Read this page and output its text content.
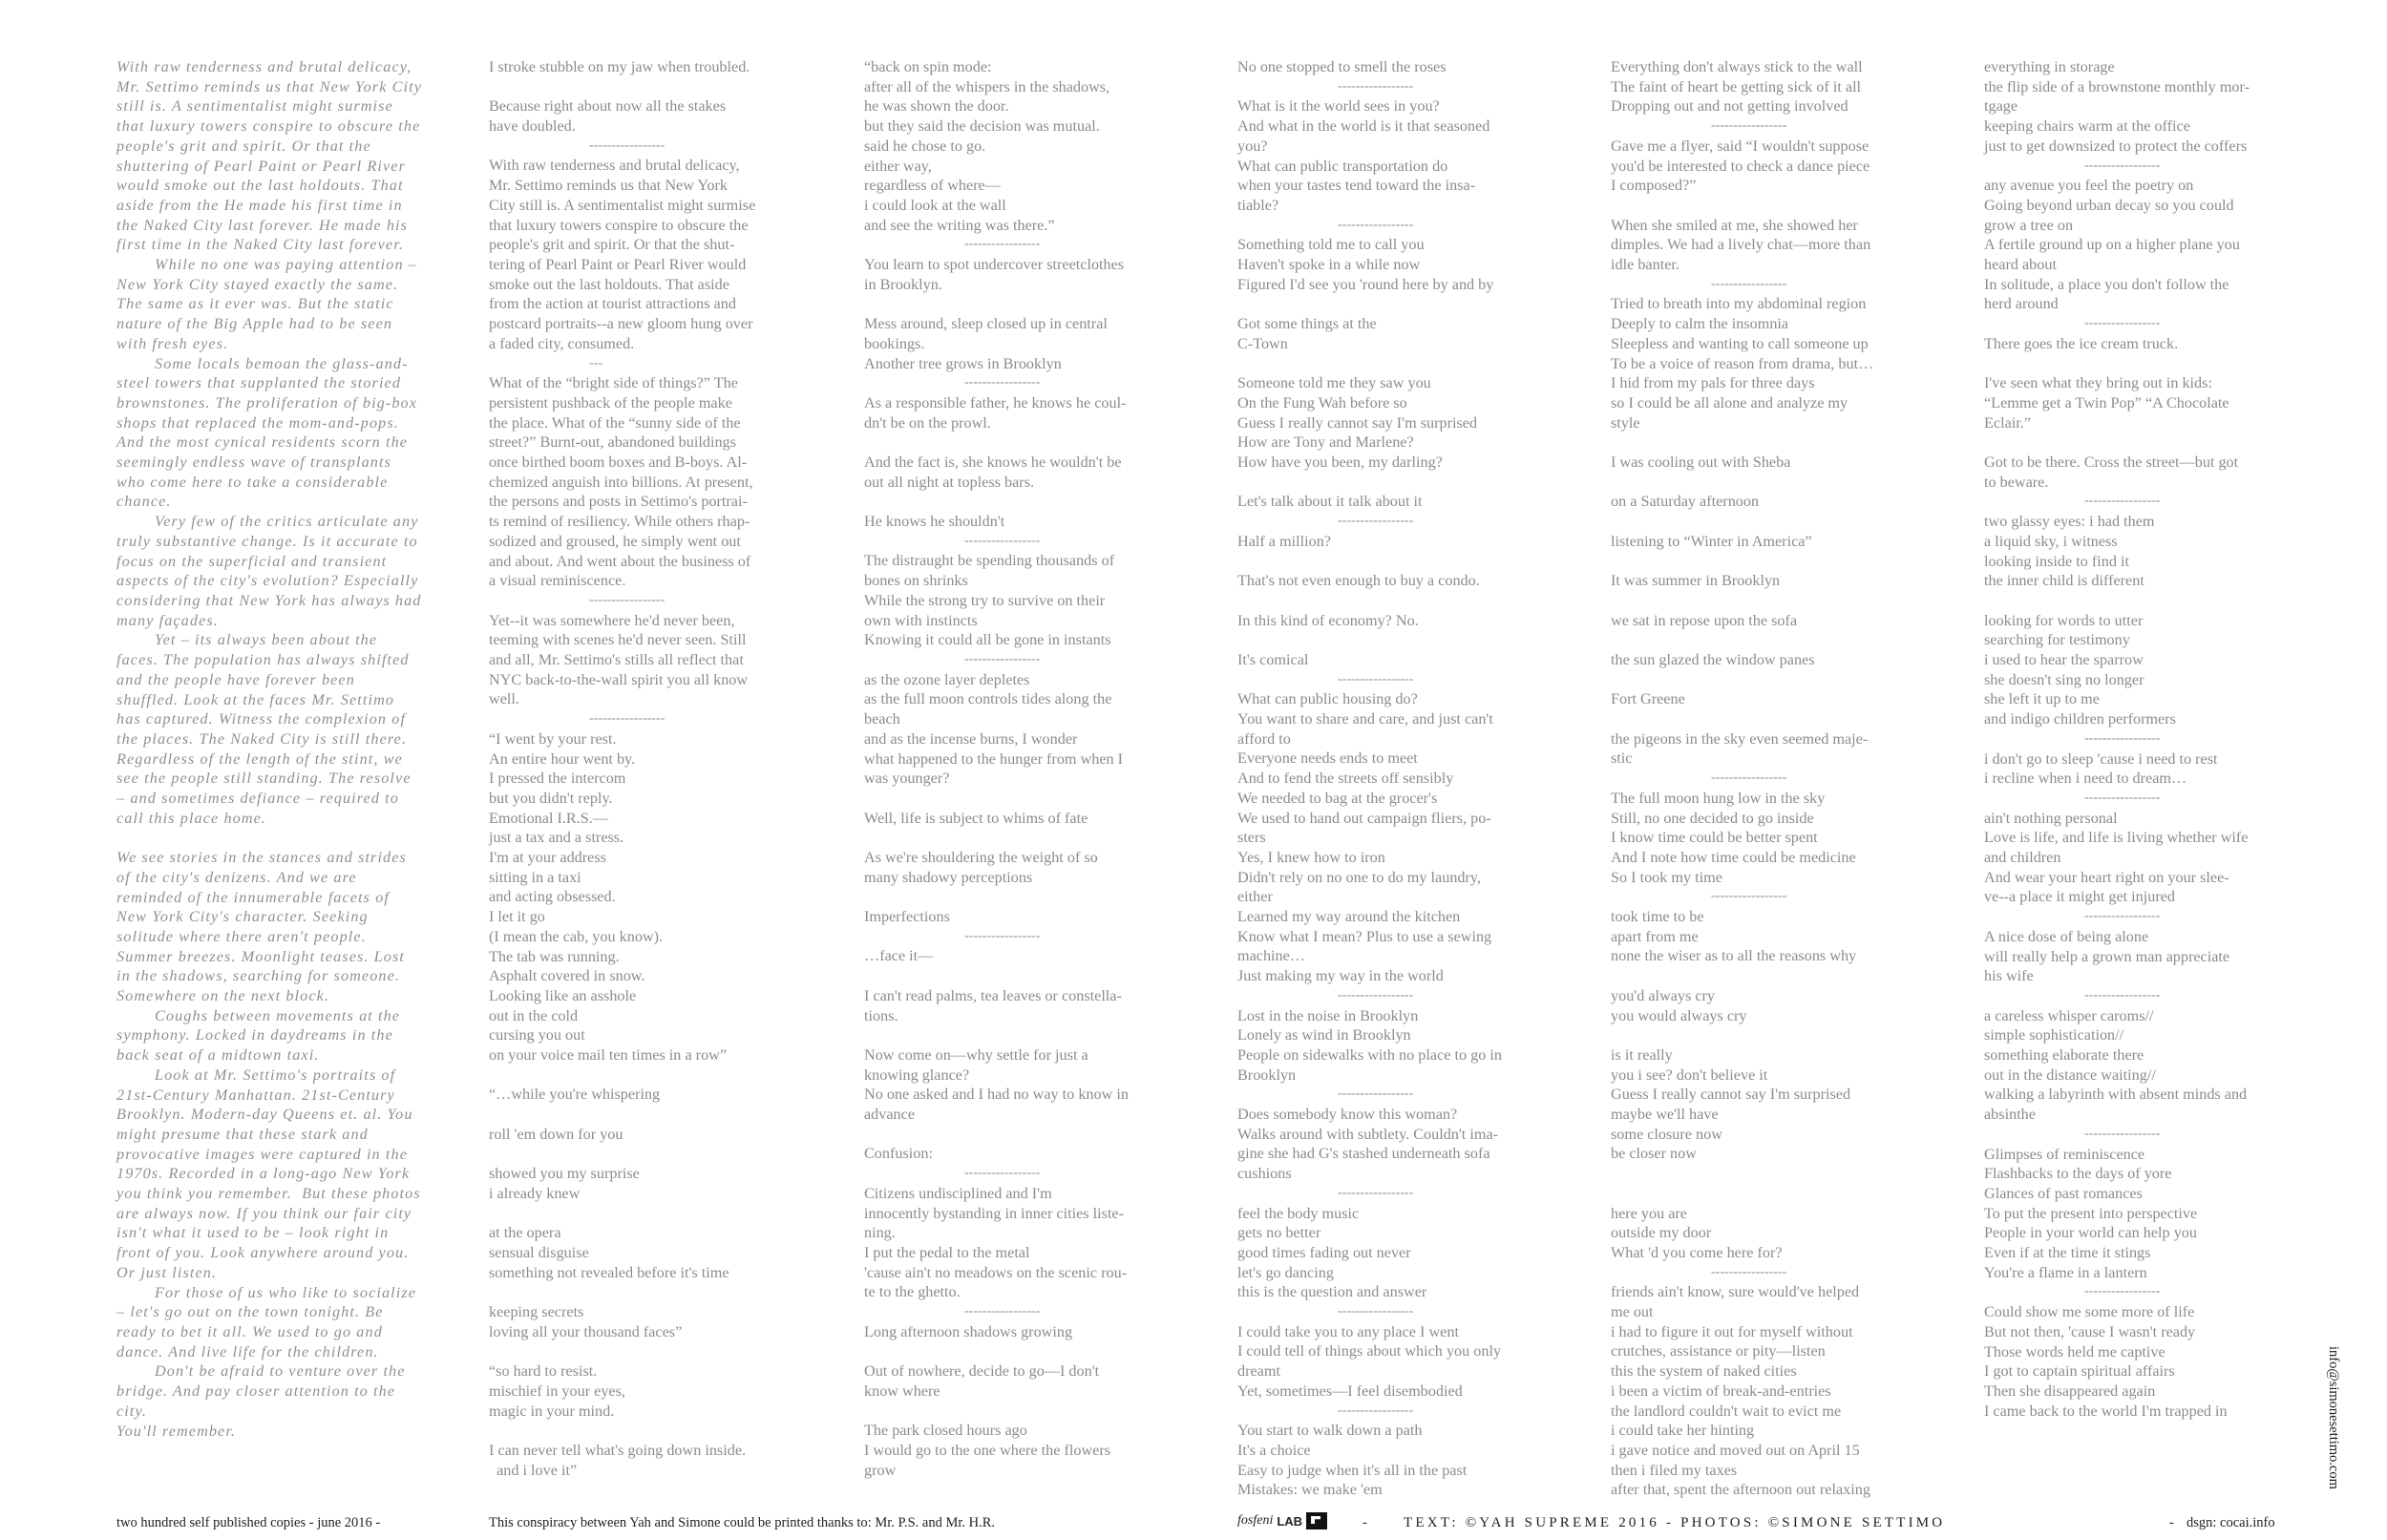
With raw tenderness and brutal delicacy, Mr. Settimo reminds us that New York City still is. A sentimentalist might surmise that luxury towers conspire to obscure the people's grit and spirit. Or that the shuttering of Pearl Paint or Pearl River would smoke out the last holdouts. That aside from the He made his first time in the Naked City last forever. He made his first time in the Naked City last forever.
While no one was paying attention – New York City stayed exactly the same. The same as it ever was. But the static nature of the Big Apple had to be seen with fresh eyes.
Some locals bemoan the glass-and-steel towers that supplanted the storied brownstones. The proliferation of big-box shops that replaced the mom-and-pops. And the most cynical residents scorn the seemingly endless wave of transplants who come here to take a considerable chance.
Very few of the critics articulate any truly substantive change. Is it accurate to focus on the superficial and transient aspects of the city's evolution? Especially considering that New York has always had many façades.
Yet – its always been about the faces. The population has always shifted and the people have forever been shuffled. Look at the faces Mr. Settimo has captured. Witness the complexion of the places. The Naked City is still there. Regardless of the length of the stint, we see the people still standing. The resolve – and sometimes defiance – required to call this place home.
We see stories in the stances and strides of the city's denizens. And we are reminded of the innumerable facets of New York City's character. Seeking solitude where there aren't people. Summer breezes. Moonlight teases. Lost in the shadows, searching for someone. Somewhere on the next block.
Coughs between movements at the symphony. Locked in daydreams in the back seat of a midtown taxi.
Look at Mr. Settimo's portraits of 21st-Century Manhattan. 21st-Century Brooklyn. Modern-day Queens et. al. You might presume that these stark and provocative images were captured in the 1970s. Recorded in a long-ago New York you think you remember.  But these photos are always now. If you think our fair city isn't what it used to be – look right in front of you. Look anywhere around you. Or just listen.
For those of us who like to socialize – let's go out on the town tonight. Be ready to bet it all. We used to go and dance. And live life for the children.
Don't be afraid to venture over the bridge. And pay closer attention to the city.
You'll remember.
I stroke stubble on my jaw when troubled.
Because right about now all the stakes
have doubled.
-----------------
With raw tenderness and brutal delicacy,
Mr. Settimo reminds us that New York
City still is. A sentimentalist might surmise
that luxury towers conspire to obscure the
people's grit and spirit. Or that the shut-
tering of Pearl Paint or Pearl River would
smoke out the last holdouts. That aside
from the action at tourist attractions and
postcard portraits--a new gloom hung over
a faded city, consumed.
---
What of the “bright side of things?” The
persistent pushback of the people make
the place. What of the “sunny side of the
street?” Burnt-out, abandoned buildings
once birthed boom boxes and B-boys. Al-
chemized anguish into billions. At present,
the persons and posts in Settimo's portrai-
ts remind of resiliency. While others rhap-
sodized and groused, he simply went out
and about. And went about the business of
a visual reminiscence.
-----------------
Yet--it was somewhere he'd never been,
teeming with scenes he'd never seen. Still
and all, Mr. Settimo's stills all reflect that
NYC back-to-the-wall spirit you all know
well.
-----------------
“I went by your rest.
An entire hour went by.
I pressed the intercom
but you didn't reply.
Emotional I.R.S.—
just a tax and a stress.
I'm at your address
sitting in a taxi
and acting obsessed.
I let it go
(I mean the cab, you know).
The tab was running.
Asphalt covered in snow.
Looking like an asshole
out in the cold
cursing you out
on your voice mail ten times in a row”
“…while you're whispering
roll 'em down for you
showed you my surprise
i already knew
at the opera
sensual disguise
something not revealed before it's time
keeping secrets
loving all your thousand faces”
“so hard to resist.
mischief in your eyes,
magic in your mind.
I can never tell what's going down inside.
and i love it”
“back on spin mode:
after all of the whispers in the shadows,
he was shown the door.
but they said the decision was mutual.
said he chose to go.
either way,
regardless of where—
i could look at the wall
and see the writing was there.”
-----------------
You learn to spot undercover streetclothes
in Brooklyn.
Mess around, sleep closed up in central
bookings.
Another tree grows in Brooklyn
-----------------
As a responsible father, he knows he coul-
dn't be on the prowl.
And the fact is, she knows he wouldn't be
out all night at topless bars.
He knows he shouldn't
-----------------
The distraught be spending thousands of
bones on shrinks
While the strong try to survive on their
own with instincts
Knowing it could all be gone in instants
-----------------
as the ozone layer depletes
as the full moon controls tides along the
beach
and as the incense burns, I wonder
what happened to the hunger from when I
was younger?
Well, life is subject to whims of fate
As we're shouldering the weight of so
many shadowy perceptions
Imperfections
-----------------
…face it—
I can't read palms, tea leaves or constella-
tions.
Now come on—why settle for just a
knowing glance?
No one asked and I had no way to know in
advance
Confusion:
-----------------
Citizens undisciplined and I'm
innocently bystanding in inner cities liste-
ning.
I put the pedal to the metal
'cause ain't no meadows on the scenic rou-
te to the ghetto.
-----------------
Long afternoon shadows growing
Out of nowhere, decide to go—I don't
know where
The park closed hours ago
I would go to the one where the flowers
grow
No one stopped to smell the roses
-----------------
What is it the world sees in you?
And what in the world is it that seasoned
you?
What can public transportation do
when your tastes tend toward the insa-
tiable?
-----------------
Something told me to call you
Haven't spoke in a while now
Figured I'd see you 'round here by and by
Got some things at the
C-Town
Someone told me they saw you
On the Fung Wah before so
Guess I really cannot say I'm surprised
How are Tony and Marlene?
How have you been, my darling?
Let's talk about it talk about it
-----------------
Half a million?
That's not even enough to buy a condo.
In this kind of economy? No.
It's comical
-----------------
What can public housing do?
You want to share and care, and just can't
afford to
Everyone needs ends to meet
And to fend the streets off sensibly
We needed to bag at the grocer's
We used to hand out campaign fliers, po-
sters
Yes, I knew how to iron
Didn't rely on no one to do my laundry,
either
Learned my way around the kitchen
Know what I mean? Plus to use a sewing
machine…
Just making my way in the world
-----------------
Lost in the noise in Brooklyn
Lonely as wind in Brooklyn
People on sidewalks with no place to go in
Brooklyn
-----------------
Does somebody know this woman?
Walks around with subtlety. Couldn't ima-
gine she had G's stashed underneath sofa
cushions
-----------------
feel the body music
gets no better
good times fading out never
let's go dancing
this is the question and answer
-----------------
I could take you to any place I went
I could tell of things about which you only
dreamt
Yet, sometimes—I feel disembodied
-----------------
You start to walk down a path
It's a choice
Easy to judge when it's all in the past
Mistakes: we make 'em
Everything don't always stick to the wall
The faint of heart be getting sick of it all
Dropping out and not getting involved
-----------------
Gave me a flyer, said “I wouldn't suppose
you'd be interested to check a dance piece
I composed?”
When she smiled at me, she showed her
dimples. We had a lively chat—more than
idle banter.
-----------------
Tried to breath into my abdominal region
Deeply to calm the insomnia
Sleepless and wanting to call someone up
To be a voice of reason from drama, but…
I hid from my pals for three days
so I could be all alone and analyze my
style
I was cooling out with Sheba
on a Saturday afternoon
listening to “Winter in America”
It was summer in Brooklyn
we sat in repose upon the sofa
the sun glazed the window panes
Fort Greene
the pigeons in the sky even seemed maje-
stic
-----------------
The full moon hung low in the sky
Still, no one decided to go inside
I know time could be better spent
And I note how time could be medicine
So I took my time
-----------------
took time to be
apart from me
none the wiser as to all the reasons why
you'd always cry
you would always cry
is it really
you i see? don't believe it
Guess I really cannot say I'm surprised
maybe we'll have
some closure now
be closer now
here you are
outside my door
What 'd you come here for?
-----------------
friends ain't know, sure would've helped
me out
i had to figure it out for myself without
crutches, assistance or pity—listen
this the system of naked cities
i been a victim of break-and-entries
the landlord couldn't wait to evict me
i could take her hinting
i gave notice and moved out on April 15
then i filed my taxes
after that, spent the afternoon out relaxing
everything in storage
the flip side of a brownstone monthly mor-
tgage
keeping chairs warm at the office
just to get downsized to protect the coffers
-----------------
any avenue you feel the poetry on
Going beyond urban decay so you could
grow a tree on
A fertile ground up on a higher plane you
heard about
In solitude, a place you don't follow the
herd around
-----------------
There goes the ice cream truck.
I've seen what they bring out in kids:
“Lemme get a Twin Pop” “A Chocolate
Eclair.”
Got to be there. Cross the street—but got
to beware.
-----------------
two glassy eyes: i had them
a liquid sky, i witness
looking inside to find it
the inner child is different
looking for words to utter
searching for testimony
i used to hear the sparrow
she doesn't sing no longer
she left it up to me
and indigo children performers
-----------------
i don't go to sleep 'cause i need to rest
i recline when i need to dream…
-----------------
ain't nothing personal
Love is life, and life is living whether wife
and children
And wear your heart right on your slee-
ve--a place it might get injured
-----------------
A nice dose of being alone
will really help a grown man appreciate
his wife
-----------------
a careless whisper caroms//
simple sophistication//
something elaborate there
out in the distance waiting//
walking a labyrinth with absent minds and
absinthe
-----------------
Glimpses of reminiscence
Flashbacks to the days of yore
Glances of past romances
To put the present into perspective
People in your world can help you
Even if at the time it stings
You're a flame in a lantern
-----------------
Could show me some more of life
But not then, 'cause I wasn't ready
Those words held me captive
I got to captain spiritual affairs
Then she disappeared again
I came back to the world I'm trapped in
two hundred self published copies - june 2016 -	This conspiracy between Yah and Simone could be printed thanks to: Mr. P.S. and Mr. H.R.	fosfeni LAB	-	TEXT: ©YAH SUPREME 2016 - PHOTOS: ©SIMONE SETTIMO	- dsgn: cocai.info
info@simonesettimo.com
